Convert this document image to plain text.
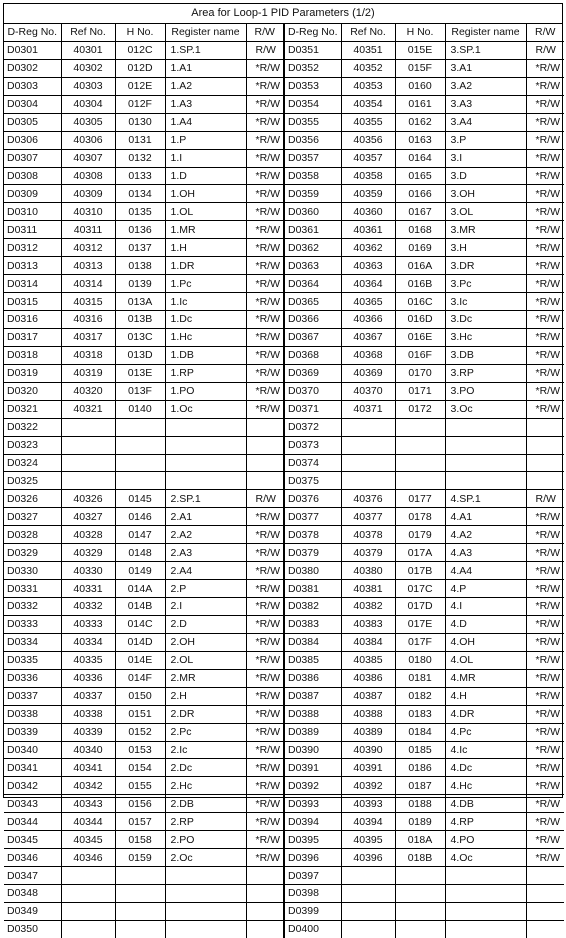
Area for Loop-1 PID Parameters (1/2)
D-Reg No.	Ref No.	H No.	Register name	R/W	D-Reg No.	Ref No.	H No.	Register name	R/W
D0301	40301	012C	1.SP.1	R/W	D0351	40351	015E	3.SP.1	R/W
D0302	40302	012D	1.A1	*R/W	D0352	40352	015F	3.A1	*R/W
D0303	40303	012E	1.A2	*R/W	D0353	40353	0160	3.A2	*R/W
D0304	40304	012F	1.A3	*R/W	D0354	40354	0161	3.A3	*R/W
D0305	40305	0130	1.A4	*R/W	D0355	40355	0162	3.A4	*R/W
D0306	40306	0131	1.P	*R/W	D0356	40356	0163	3.P	*R/W
D0307	40307	0132	1.I	*R/W	D0357	40357	0164	3.I	*R/W
D0308	40308	0133	1.D	*R/W	D0358	40358	0165	3.D	*R/W
D0309	40309	0134	1.OH	*R/W	D0359	40359	0166	3.OH	*R/W
D0310	40310	0135	1.OL	*R/W	D0360	40360	0167	3.OL	*R/W
D0311	40311	0136	1.MR	*R/W	D0361	40361	0168	3.MR	*R/W
D0312	40312	0137	1.H	*R/W	D0362	40362	0169	3.H	*R/W
D0313	40313	0138	1.DR	*R/W	D0363	40363	016A	3.DR	*R/W
D0314	40314	0139	1.Pc	*R/W	D0364	40364	016B	3.Pc	*R/W
D0315	40315	013A	1.Ic	*R/W	D0365	40365	016C	3.Ic	*R/W
D0316	40316	013B	1.Dc	*R/W	D0366	40366	016D	3.Dc	*R/W
D0317	40317	013C	1.Hc	*R/W	D0367	40367	016E	3.Hc	*R/W
D0318	40318	013D	1.DB	*R/W	D0368	40368	016F	3.DB	*R/W
D0319	40319	013E	1.RP	*R/W	D0369	40369	0170	3.RP	*R/W
D0320	40320	013F	1.PO	*R/W	D0370	40370	0171	3.PO	*R/W
D0321	40321	0140	1.Oc	*R/W	D0371	40371	0172	3.Oc	*R/W
D0322					D0372				
D0323					D0373				
D0324					D0374				
D0325					D0375				
D0326	40326	0145	2.SP.1	R/W	D0376	40376	0177	4.SP.1	R/W
D0327	40327	0146	2.A1	*R/W	D0377	40377	0178	4.A1	*R/W
D0328	40328	0147	2.A2	*R/W	D0378	40378	0179	4.A2	*R/W
D0329	40329	0148	2.A3	*R/W	D0379	40379	017A	4.A3	*R/W
D0330	40330	0149	2.A4	*R/W	D0380	40380	017B	4.A4	*R/W
D0331	40331	014A	2.P	*R/W	D0381	40381	017C	4.P	*R/W
D0332	40332	014B	2.I	*R/W	D0382	40382	017D	4.I	*R/W
D0333	40333	014C	2.D	*R/W	D0383	40383	017E	4.D	*R/W
D0334	40334	014D	2.OH	*R/W	D0384	40384	017F	4.OH	*R/W
D0335	40335	014E	2.OL	*R/W	D0385	40385	0180	4.OL	*R/W
D0336	40336	014F	2.MR	*R/W	D0386	40386	0181	4.MR	*R/W
D0337	40337	0150	2.H	*R/W	D0387	40387	0182	4.H	*R/W
D0338	40338	0151	2.DR	*R/W	D0388	40388	0183	4.DR	*R/W
D0339	40339	0152	2.Pc	*R/W	D0389	40389	0184	4.Pc	*R/W
D0340	40340	0153	2.Ic	*R/W	D0390	40390	0185	4.Ic	*R/W
D0341	40341	0154	2.Dc	*R/W	D0391	40391	0186	4.Dc	*R/W
D0342	40342	0155	2.Hc	*R/W	D0392	40392	0187	4.Hc	*R/W
D0343	40343	0156	2.DB	*R/W	D0393	40393	0188	4.DB	*R/W
D0344	40344	0157	2.RP	*R/W	D0394	40394	0189	4.RP	*R/W
D0345	40345	0158	2.PO	*R/W	D0395	40395	018A	4.PO	*R/W
D0346	40346	0159	2.Oc	*R/W	D0396	40396	018B	4.Oc	*R/W
D0347					D0397				
D0348					D0398				
D0349					D0399				
D0350					D0400				
